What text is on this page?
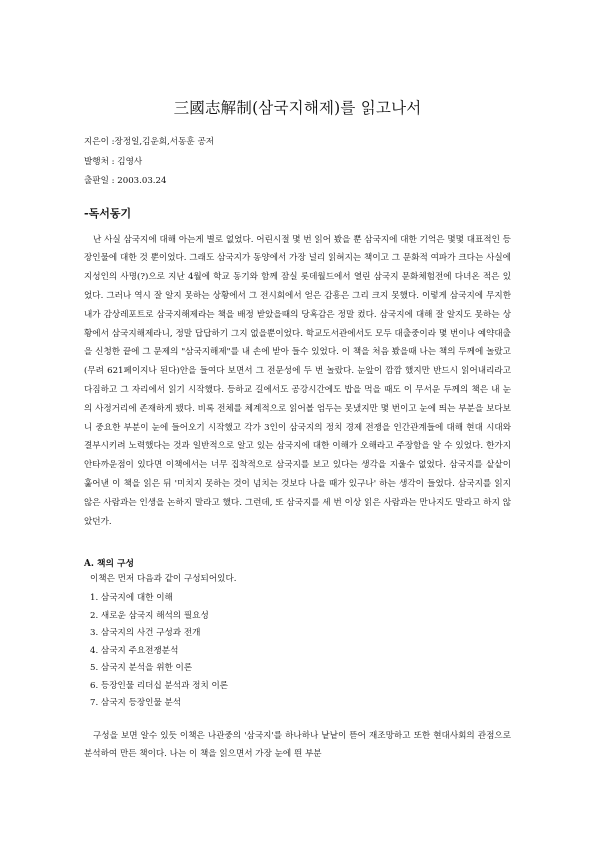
三國志解制(삼국지해제)를 읽고나서
지은이 :장정일,김운회,서동훈 공저
발행처 : 김영사
출판일 : 2003.03.24
-독서동기

난 사실 삼국지에 대해 아는게 별로 없었다. 어린시절 몇 번 읽어 봤을 뿐 삼국지에 대한 기억은 몇몇 대표적인 등장인물에 대한 것 뿐이었다. 그래도 삼국지가 동양에서 가장 널리 읽혀지는 책이고 그 문화적 여파가 크다는 사실에 지성인의 사명(?)으로 지난 4월에 학교 동기와 함께 잠실 롯데월드에서 열린 삼국지 문화체험전에 다녀온 적은 있었다. 그러나 역시 잘 알지 못하는 상황에서 그 전시회에서 얻은 감흥은 그리 크지 못했다. 이렇게 삼국지에 무지한 내가 감상레포트로 삼국지해제라는 책을 배정 받았을때의 당혹감은 정말 컸다. 삼국지에 대해 잘 알지도 못하는 상황에서 삼국지해제라니, 정말 답답하기 그지 없을뿐이었다. 학교도서관에서도 모두 대출중이라 몇 번이나 예약대출을 신청한 끝에 그 문제의 "삼국지해제"를 내 손에 받아 들수 있었다. 이 책을 처음 봤을때 나는 책의 두께에 놀랐고 (무려 621페이지나 된다)안을 들여다 보면서 그 전문성에 두 번 놀랐다. 눈앞이 깜깜 했지만 반드시 읽어내리라고 다짐하고 그 자리에서 읽기 시작했다. 등하교 길에서도 공강시간에도 밥을 먹을 때도 이 무서운 두께의 책은 내 눈의 사정거리에 존재하게 됐다. 비록 전체를 체계적으로 읽어볼 엄두는 못냈지만 몇 번이고 눈에 띄는 부분을 보다보니 중요한 부분이 눈에 들어오기 시작했고 각가 3인이 삼국지의 정치 경제 전쟁을 인간관계들에 대해 현대 시대와 결부시키려 노력했다는 것과 일반적으로 알고 있는 삼국지에 대한 이해가 오해라고 주장함을 알 수 있었다. 한가지 안타까운점이 있다면 이책에서는 너무 집착적으로 삼국지를 보고 있다는 생각을 지울수 없었다. 삼국지를 샅샅이 훑어낸 이 책을 읽은 뒤 '미치지 못하는 것이 넘치는 것보다 나을 때가 있구나' 하는 생각이 들었다. 삼국지를 읽지 않은 사람과는 인생을 논하지 말라고 했다. 그런데, 또 삼국지를 세 번 이상 읽은 사람과는 만나지도 말라고 하지 않았던가.

A. 책의 구성
이책은 먼저 다음과 같이 구성되어있다.
1. 삼국지에 대한 이해
2. 새로운 삼국지 해석의 필요성
3. 삼국지의 사건 구성과 전개
4. 삼국지 주요전쟁분석
5. 삼국지 분석을 위한 이론
6. 등장인물 리더십 분석과 정치 이론
7. 삼국지 등장인물 분석

구성을 보면 알수 있듯 이책은 나관중의 '삼국지'를 하나하나 낱낱이 뜯어 재조망하고 또한 현대사회의 관점으로 분석하여 만든 책이다. 나는 이 책을 읽으면서 가장 눈에 띈 부분
